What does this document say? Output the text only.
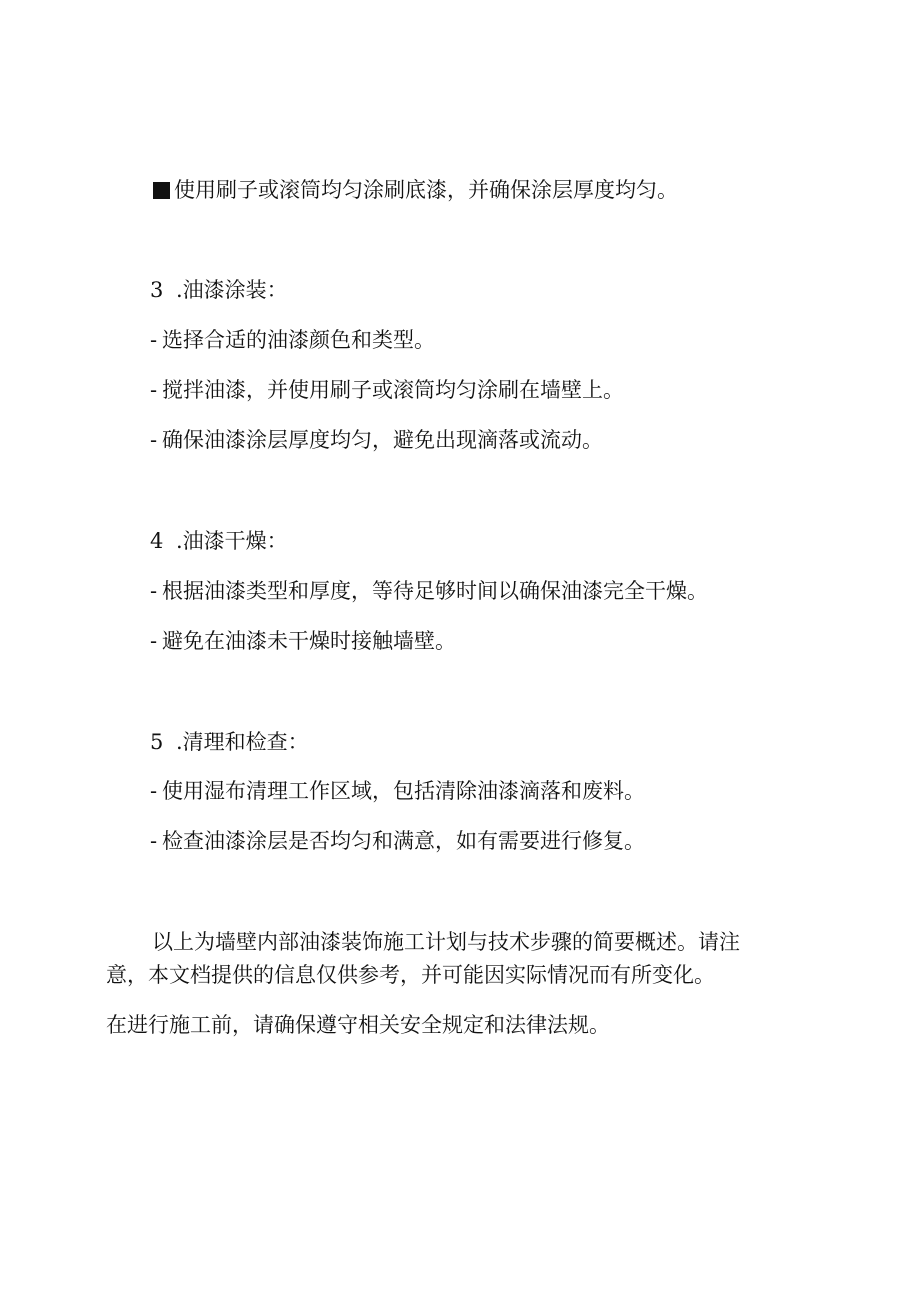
使用刷子或滚筒均匀涂刷底漆，并确保涂层厚度均匀。
3 .油漆涂装：
- 选择合适的油漆颜色和类型。
- 搅拌油漆，并使用刷子或滚筒均匀涂刷在墙壁上。
- 确保油漆涂层厚度均匀，避免出现滴落或流动。
4 .油漆干燥：
- 根据油漆类型和厚度，等待足够时间以确保油漆完全干燥。
- 避免在油漆未干燥时接触墙壁。
5 .清理和检查：
- 使用湿布清理工作区域，包括清除油漆滴落和废料。
- 检查油漆涂层是否均匀和满意，如有需要进行修复。
以上为墙壁内部油漆装饰施工计划与技术步骤的简要概述。请注
意，本文档提供的信息仅供参考，并可能因实际情况而有所变化。
在进行施工前，请确保遵守相关安全规定和法律法规。
